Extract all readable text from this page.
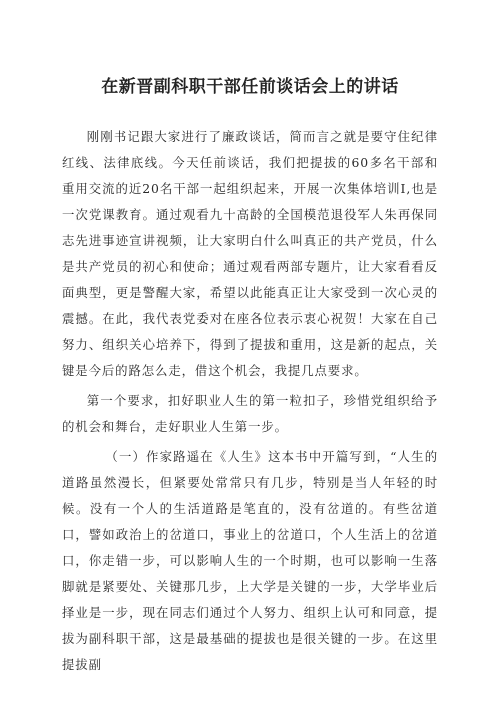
在新晋副科职干部任前谈话会上的讲话

刚刚书记跟大家进行了廉政谈话，简而言之就是要守住纪律红线、法律底线。今天任前谈话，我们把提拔的60多名干部和重用交流的近20名干部一起组织起来，开展一次集体培训Ⅰ,也是一次党课教育。通过观看九十高龄的全国模范退役军人朱再保同志先进事迹宣讲视频，让大家明白什么叫真正的共产党员，什么是共产党员的初心和使命；通过观看两部专题片，让大家看看反面典型，更是警醒大家，希望以此能真正让大家受到一次心灵的震撼。在此，我代表党委对在座各位表示衷心祝贺！大家在自己努力、组织关心培养下，得到了提拔和重用，这是新的起点，关键是今后的路怎么走，借这个机会，我提几点要求。

第一个要求，扣好职业人生的第一粒扣子，珍惜党组织给予的机会和舞台，走好职业人生第一步。

（一）作家路遥在《人生》这本书中开篇写到，“人生的道路虽然漫长，但紧要处常常只有几步，特别是当人年轻的时候。没有一个人的生活道路是笔直的，没有岔道的。有些岔道口，譬如政治上的岔道口，事业上的岔道口，个人生活上的岔道口，你走错一步，可以影响人生的一个时期，也可以影响一生落脚就是紧要处、关键那几步，上大学是关键的一步，大学毕业后择业是一步，现在同志们通过个人努力、组织上认可和同意，提拔为副科职干部，这是最基础的提拔也是很关键的一步。在这里提拔副
